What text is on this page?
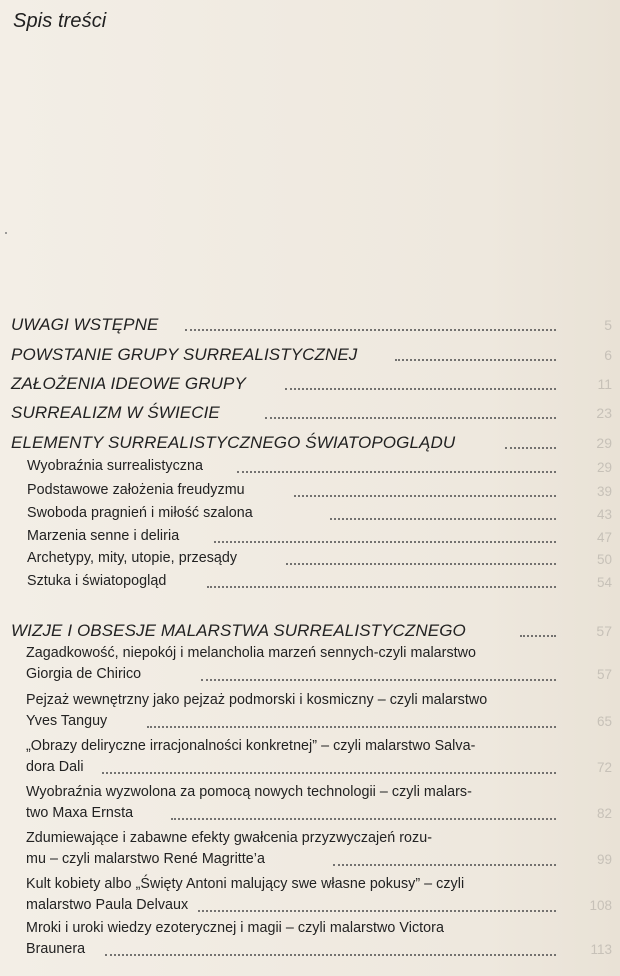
Spis treści
UWAGI WSTĘPNE	5
POWSTANIE GRUPY SURREALISTYCZNEJ	6
ZAŁOŻENIA IDEOWE GRUPY	11
SURREALIZM W ŚWIECIE	23
ELEMENTY SURREALISTYCZNEGO ŚWIATOPOGLĄDU	29
Wyobraźnia surrealistyczna	29
Podstawowe założenia freudyzmu	39
Swoboda pragnień i miłość szalona	43
Marzenia senne i deliria	47
Archetypy, mity, utopie, przesądy	50
Sztuka i światopogląd	54
WIZJE I OBSESJE MALARSTWA SURREALISTYCZNEGO	57
Zagadkowość, niepokój i melancholia marzeń sennych-czyli malarstwo
Giorgia de Chirico	57
Pejzaż wewnętrzny jako pejzaż podmorski i kosmiczny – czyli malarstwo
Yves Tanguy	65
„Obrazy deliryczne irracjonalności konkretnej” – czyli malarstwo Salva-
dora Dali	72
Wyobraźnia wyzwolona za pomocą nowych technologii – czyli malars-
two Maxa Ernsta	82
Zdumiewające i zabawne efekty gwałcenia przyzwyczajeń rozu-
mu – czyli malarstwo René Magritte’a	99
Kult kobiety albo „Święty Antoni malujący swe własne pokusy” – czyli
malarstwo Paula Delvaux	108
Mroki i uroki wiedzy ezoterycznej i magii – czyli malarstwo Victora
Braunera	113
